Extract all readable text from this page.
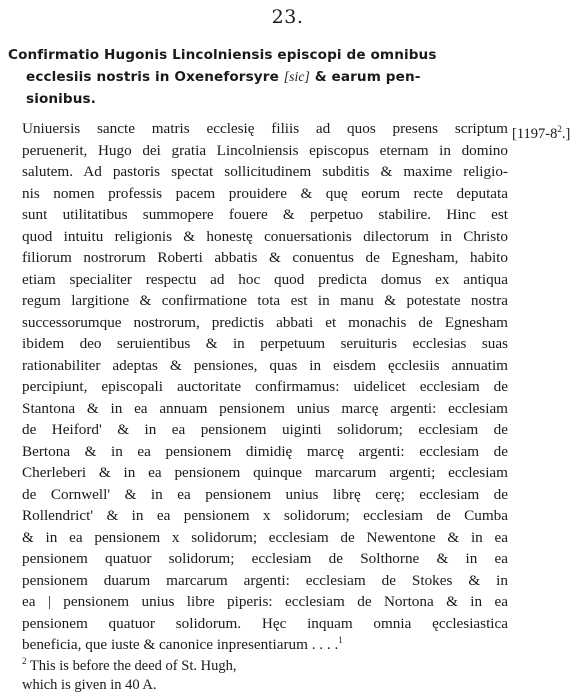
23.
Confirmatio Hugonis Lincolniensis episcopi de omnibus
ecclesiis nostris in Oxeneforsyre [sic] & earum pen-
sionibus.
$[1197-8^2.]$
Uniuersis sancte matris ecclesię filiis ad quos presens scriptum
peruenerit, Hugo dei gratia Lincolniensis episcopus eternam in domino
salutem. Ad pastoris spectat sollicitudinem subditis & maxime religio-
nis nomen professis pacem prouidere & quę eorum recte deputata
sunt utilitatibus summopere fouere & perpetuo stabilire. Hinc est
quod intuitu religionis & honestę conuersationis dilectorum in Christo
filiorum nostrorum Roberti abbatis & conuentus de Egnesham, habito
etiam specialiter respectu ad hoc quod predicta domus ex antiqua
regum largitione & confirmatione tota est in manu & potestate nostra
successorumque nostrorum, predictis abbati et monachis de Egnesham
ibidem deo seruientibus & in perpetuum seruituris ecclesias suas
rationabiliter adeptas & pensiones, quas in eisdem ęcclesiis annuatim
percipiunt, episcopali auctoritate confirmamus: uidelicet ecclesiam de
Stantona & in ea annuam pensionem unius marcę argenti: ecclesiam
de Heiford' & in ea pensionem uiginti solidorum; ecclesiam de
Bertona & in ea pensionem dimidię marcę argenti: ecclesiam de
Cherleberi & in ea pensionem quinque marcarum argenti; ecclesiam
de Cornwell' & in ea pensionem unius librę cerę; ecclesiam de
Rollendrict' & in ea pensionem x solidorum; ecclesiam de Cumba
& in ea pensionem x solidorum; ecclesiam de Newentone & in ea
pensionem quatuor solidorum; ecclesiam de Solthorne & in ea
pensionem duarum marcarum argenti: ecclesiam de Stokes & in
ea | pensionem unius libre piperis: ecclesiam de Nortona & in ea
pensionem quatuor solidorum. Hęc inquam omnia ęcclesiastica
beneficia, que iuste & canonice inpresentiarum . . . .$^1$
$^2$ This is before the deed of St. Hugh,
which is given in 40 A.
